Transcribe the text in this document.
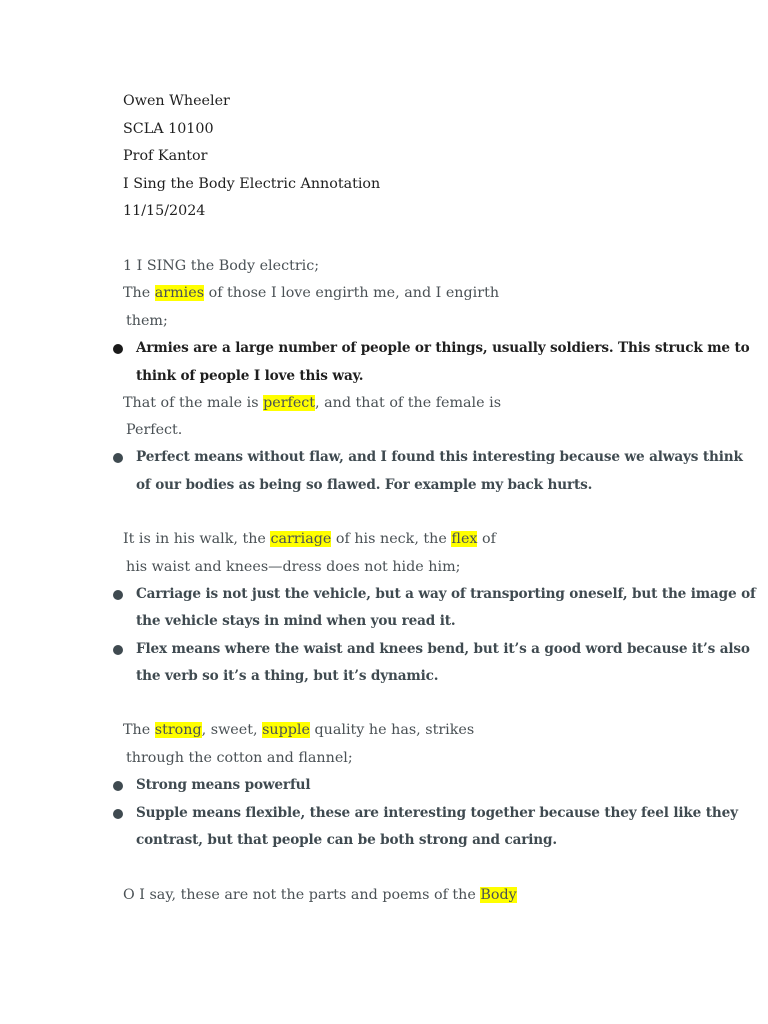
Owen Wheeler
SCLA 10100
Prof Kantor
I Sing the Body Electric Annotation
11/15/2024
1 I SING the Body electric;
The armies of those I love engirth me, and I engirth
them;
Armies are a large number of people or things, usually soldiers. This struck me to
think of people I love this way.
That of the male is perfect, and that of the female is
Perfect.
Perfect means without flaw, and I found this interesting because we always think
of our bodies as being so flawed. For example my back hurts.
It is in his walk, the carriage of his neck, the flex of
his waist and knees—dress does not hide him;
Carriage is not just the vehicle, but a way of transporting oneself, but the image of
the vehicle stays in mind when you read it.
Flex means where the waist and knees bend, but it’s a good word because it’s also
the verb so it’s a thing, but it’s dynamic.
The strong, sweet, supple quality he has, strikes
through the cotton and flannel;
Strong means powerful
Supple means flexible, these are interesting together because they feel like they
contrast, but that people can be both strong and caring.
O I say, these are not the parts and poems of the Body
